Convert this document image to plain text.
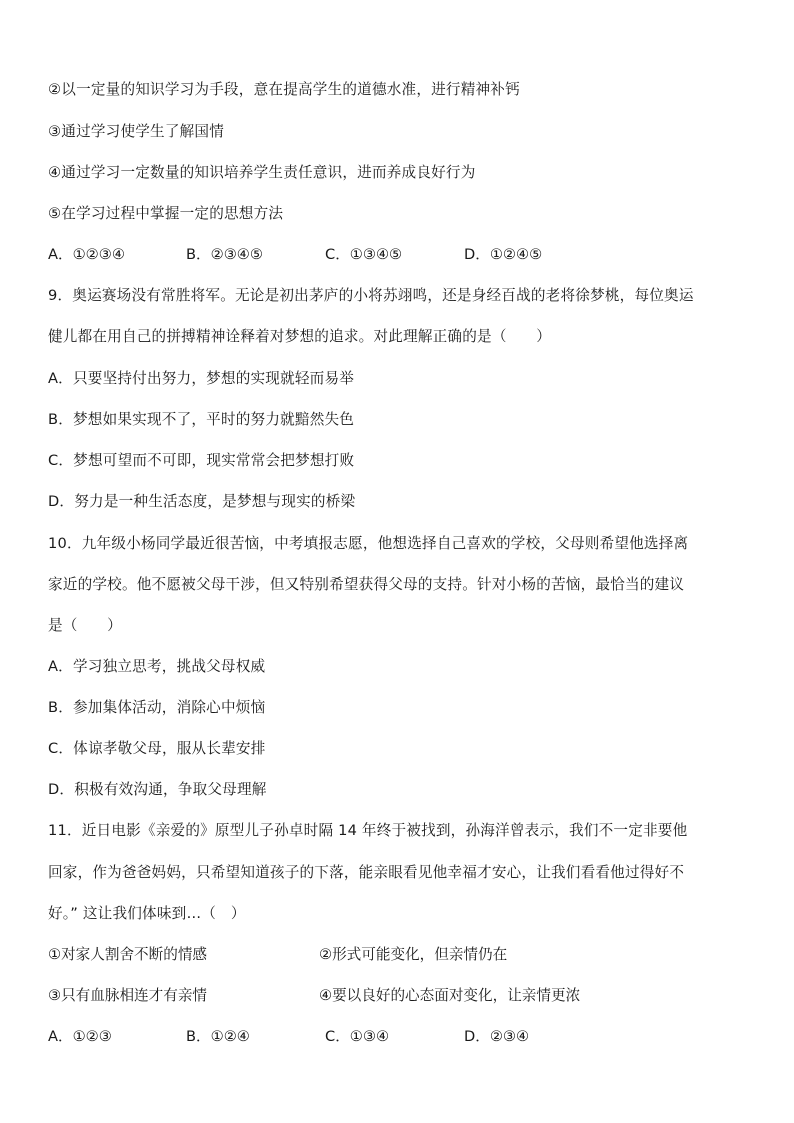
②以一定量的知识学习为手段，意在提高学生的道德水准，进行精神补钙
③通过学习使学生了解国情
④通过学习一定数量的知识培养学生责任意识，进而养成良好行为
⑤在学习过程中掌握一定的思想方法
A．①②③④	B．②③④⑤	C．①③④⑤	D．①②④⑤
9．奥运赛场没有常胜将军。无论是初出茅庐的小将苏翊鸣，还是身经百战的老将徐梦桃，每位奥运
健儿都在用自己的拼搏精神诠释着对梦想的追求。对此理解正确的是（　　）
A．只要坚持付出努力，梦想的实现就轻而易举
B．梦想如果实现不了，平时的努力就黯然失色
C．梦想可望而不可即，现实常常会把梦想打败
D．努力是一种生活态度，是梦想与现实的桥梁
10．九年级小杨同学最近很苦恼，中考填报志愿，他想选择自己喜欢的学校，父母则希望他选择离
家近的学校。他不愿被父母干涉，但又特别希望获得父母的支持。针对小杨的苦恼，最恰当的建议
是（　　）
A．学习独立思考，挑战父母权威
B．参加集体活动，消除心中烦恼
C．体谅孝敬父母，服从长辈安排
D．积极有效沟通，争取父母理解
11．近日电影《亲爱的》原型儿子孙卓时隔 14 年终于被找到，孙海洋曾表示，我们不一定非要他
回家，作为爸爸妈妈，只希望知道孩子的下落，能亲眼看见他幸福才安心，让我们看看他过得好不
好。” 这让我们体味到…（　）
①对家人割舍不断的情感	②形式可能变化，但亲情仍在
③只有血脉相连才有亲情	④要以良好的心态面对变化，让亲情更浓
A．①②③	B．①②④	C．①③④	D．②③④
